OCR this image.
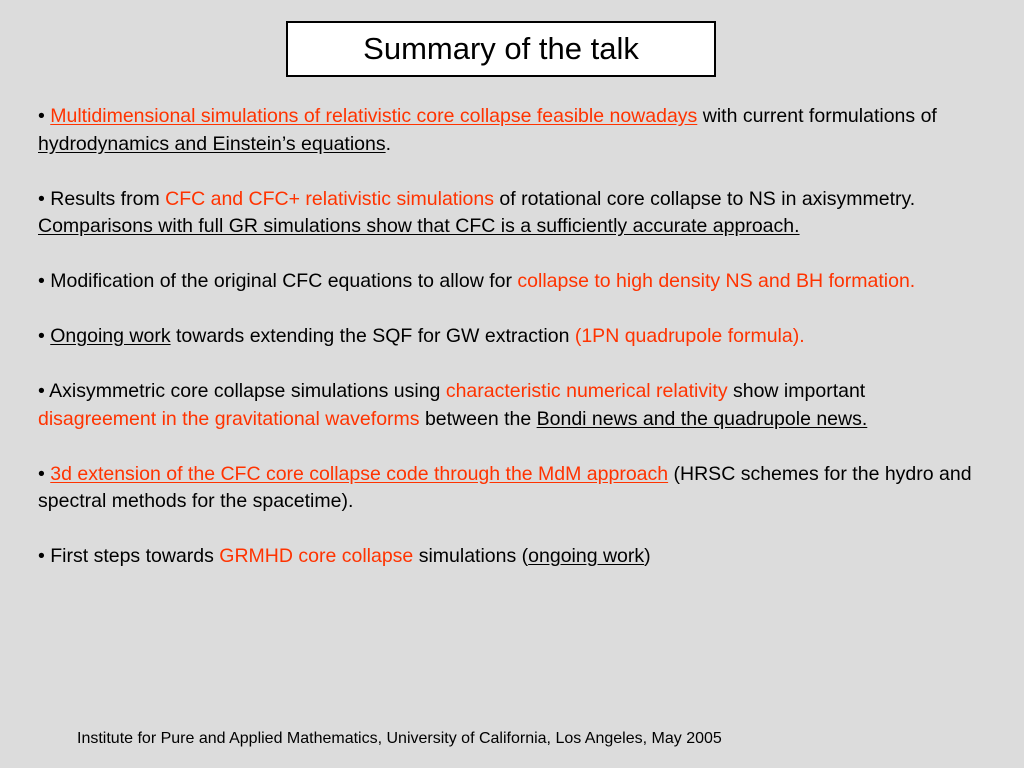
Summary of the talk

• Multidimensional simulations of relativistic core collapse feasible nowadays with current formulations of hydrodynamics and Einstein’s equations.

• Results from CFC and CFC+ relativistic simulations of rotational core collapse to NS in axisymmetry. Comparisons with full GR simulations show that CFC is a sufficiently accurate approach.

• Modification of the original CFC equations to allow for collapse to high density NS and BH formation.

• Ongoing work towards extending the SQF for GW extraction (1PN quadrupole formula).

• Axisymmetric core collapse simulations using characteristic numerical relativity show important disagreement in the gravitational waveforms between the Bondi news and the quadrupole news.

• 3d extension of the CFC core collapse code through the MdM approach (HRSC schemes for the hydro and spectral methods for the spacetime).

• First steps towards GRMHD core collapse simulations (ongoing work)

Institute for Pure and Applied Mathematics, University of California, Los Angeles, May 2005
